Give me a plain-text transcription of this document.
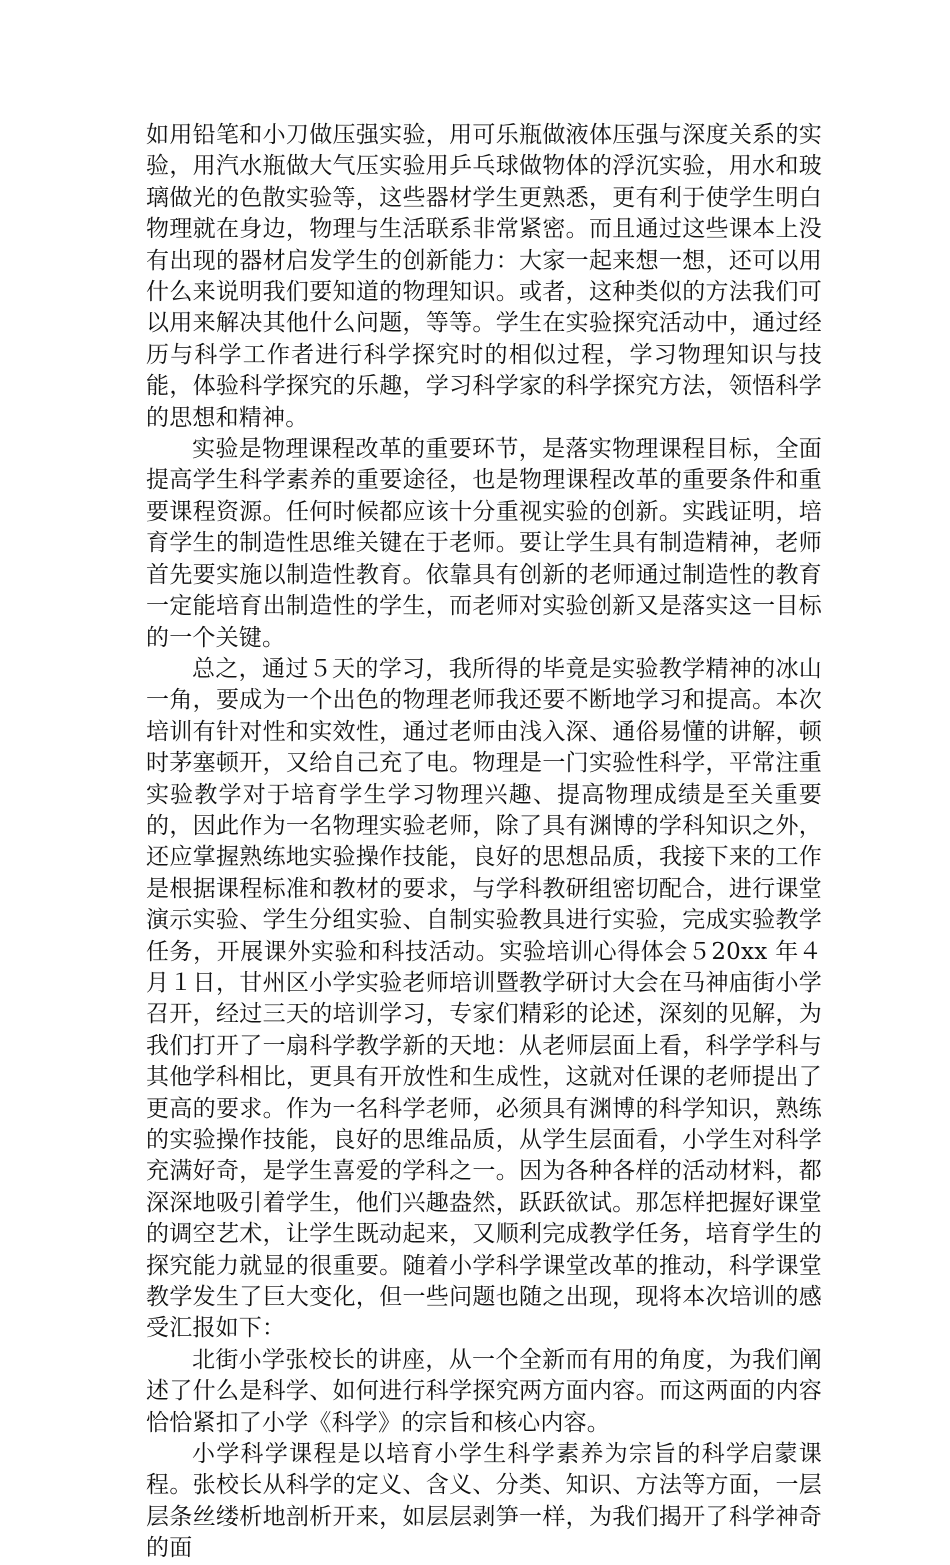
如用铅笔和小刀做压强实验，用可乐瓶做液体压强与深度关系的实验，用汽水瓶做大气压实验用乒乓球做物体的浮沉实验，用水和玻璃做光的色散实验等，这些器材学生更熟悉，更有利于使学生明白物理就在身边，物理与生活联系非常紧密。而且通过这些课本上没有出现的器材启发学生的创新能力：大家一起来想一想，还可以用什么来说明我们要知道的物理知识。或者，这种类似的方法我们可以用来解决其他什么问题，等等。学生在实验探究活动中，通过经历与科学工作者进行科学探究时的相似过程，学习物理知识与技能，体验科学探究的乐趣，学习科学家的科学探究方法，领悟科学的思想和精神。

实验是物理课程改革的重要环节，是落实物理课程目标，全面提高学生科学素养的重要途径，也是物理课程改革的重要条件和重要课程资源。任何时候都应该十分重视实验的创新。实践证明，培育学生的制造性思维关键在于老师。要让学生具有制造精神，老师首先要实施以制造性教育。依靠具有创新的老师通过制造性的教育一定能培育出制造性的学生，而老师对实验创新又是落实这一目标的一个关键。

总之，通过５天的学习，我所得的毕竟是实验教学精神的冰山一角，要成为一个出色的物理老师我还要不断地学习和提高。本次培训有针对性和实效性，通过老师由浅入深、通俗易懂的讲解，顿时茅塞顿开，又给自己充了电。物理是一门实验性科学，平常注重实验教学对于培育学生学习物理兴趣、提高物理成绩是至关重要的，因此作为一名物理实验老师，除了具有渊博的学科知识之外，还应掌握熟练地实验操作技能，良好的思想品质，我接下来的工作是根据课程标准和教材的要求，与学科教研组密切配合，进行课堂演示实验、学生分组实验、自制实验教具进行实验，完成实验教学任务，开展课外实验和科技活动。实验培训心得体会５20xx 年４月１日，甘州区小学实验老师培训暨教学研讨大会在马神庙街小学召开，经过三天的培训学习，专家们精彩的论述，深刻的见解，为我们打开了一扇科学教学新的天地：从老师层面上看，科学学科与其他学科相比，更具有开放性和生成性，这就对任课的老师提出了更高的要求。作为一名科学老师，必须具有渊博的科学知识，熟练的实验操作技能，良好的思维品质，从学生层面看，小学生对科学充满好奇，是学生喜爱的学科之一。因为各种各样的活动材料，都深深地吸引着学生，他们兴趣盎然，跃跃欲试。那怎样把握好课堂的调空艺术，让学生既动起来，又顺利完成教学任务，培育学生的探究能力就显的很重要。随着小学科学课堂改革的推动，科学课堂教学发生了巨大变化，但一些问题也随之出现，现将本次培训的感受汇报如下：

北街小学张校长的讲座，从一个全新而有用的角度，为我们阐述了什么是科学、如何进行科学探究两方面内容。而这两面的内容恰恰紧扣了小学《科学》的宗旨和核心内容。

小学科学课程是以培育小学生科学素养为宗旨的科学启蒙课程。张校长从科学的定义、含义、分类、知识、方法等方面，一层层条丝缕析地剖析开来，如层层剥笋一样，为我们揭开了科学神奇的面
